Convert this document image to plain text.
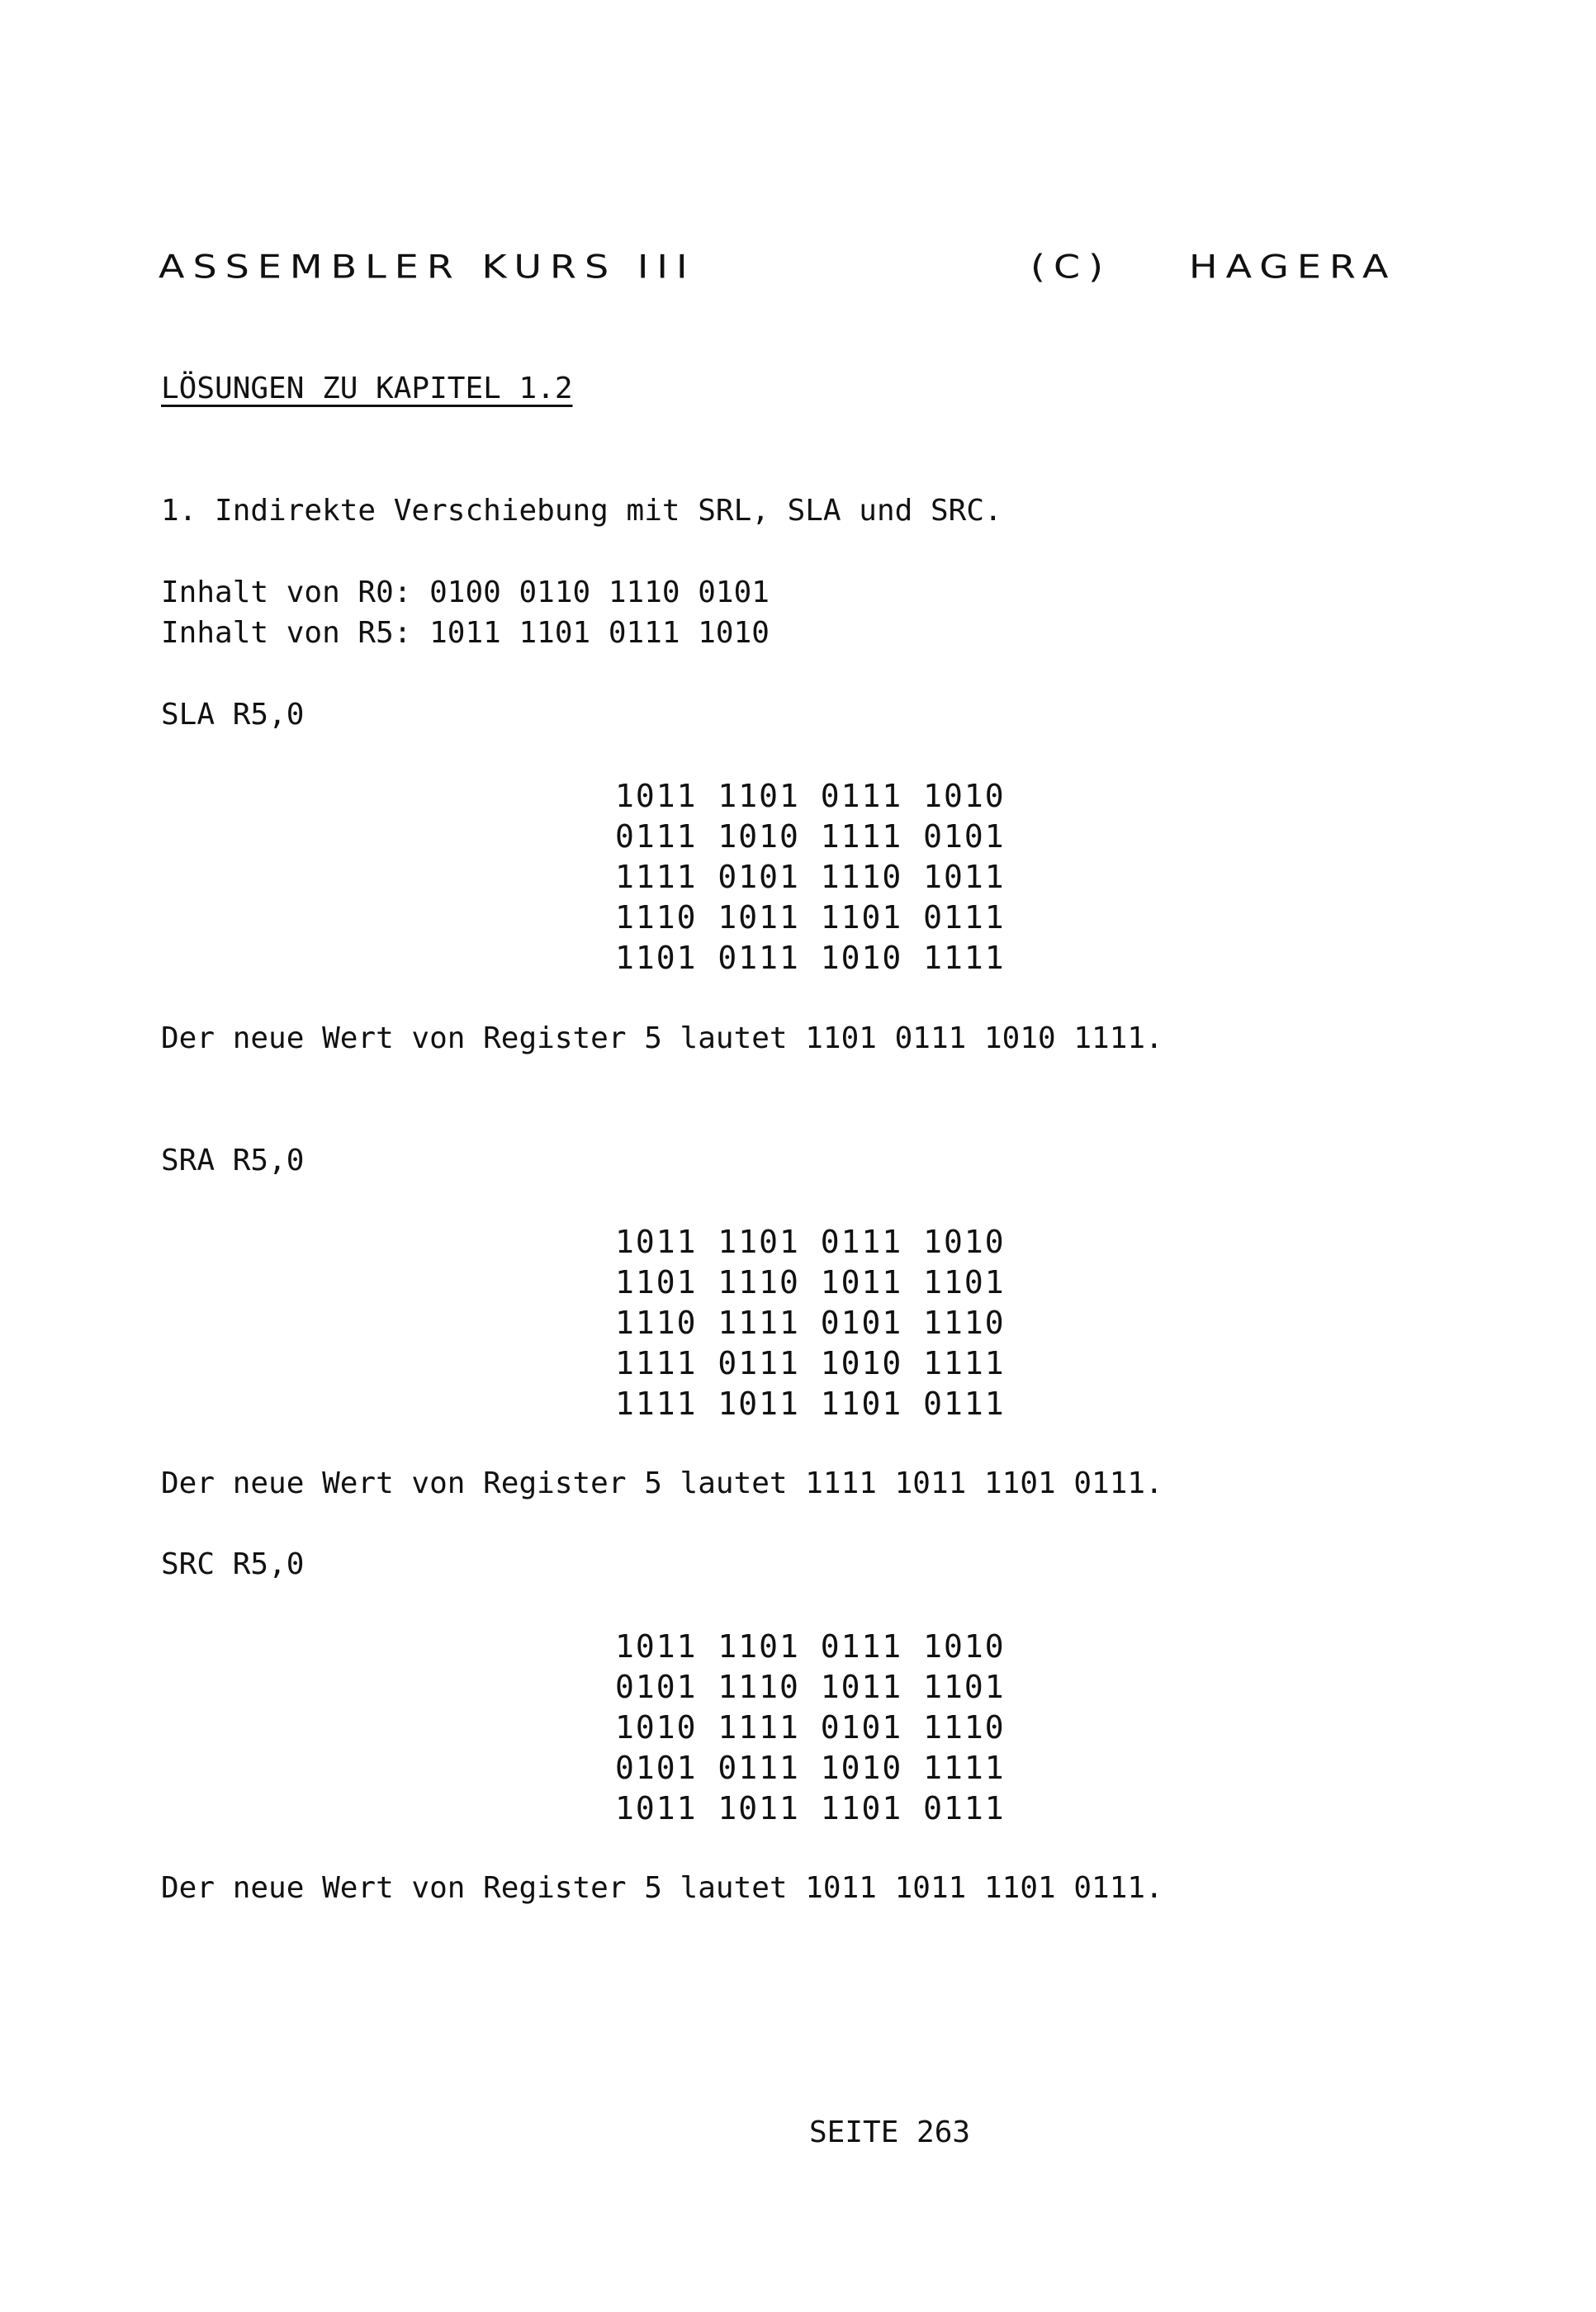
ASSEMBLER KURS III	(C) HAGERA
LÖSUNGEN ZU KAPITEL 1.2
1. Indirekte Verschiebung mit SRL, SLA und SRC.
Inhalt von R0: 0100 0110 1110 0101
Inhalt von R5: 1011 1101 0111 1010
SLA R5,0
1011 1101 0111 1010
0111 1010 1111 0101
1111 0101 1110 1011
1110 1011 1101 0111
1101 0111 1010 1111
Der neue Wert von Register 5 lautet 1101 0111 1010 1111.
SRA R5,0
1011 1101 0111 1010
1101 1110 1011 1101
1110 1111 0101 1110
1111 0111 1010 1111
1111 1011 1101 0111
Der neue Wert von Register 5 lautet 1111 1011 1101 0111.
SRC R5,0
1011 1101 0111 1010
0101 1110 1011 1101
1010 1111 0101 1110
0101 0111 1010 1111
1011 1011 1101 0111
Der neue Wert von Register 5 lautet 1011 1011 1101 0111.
SEITE 263
